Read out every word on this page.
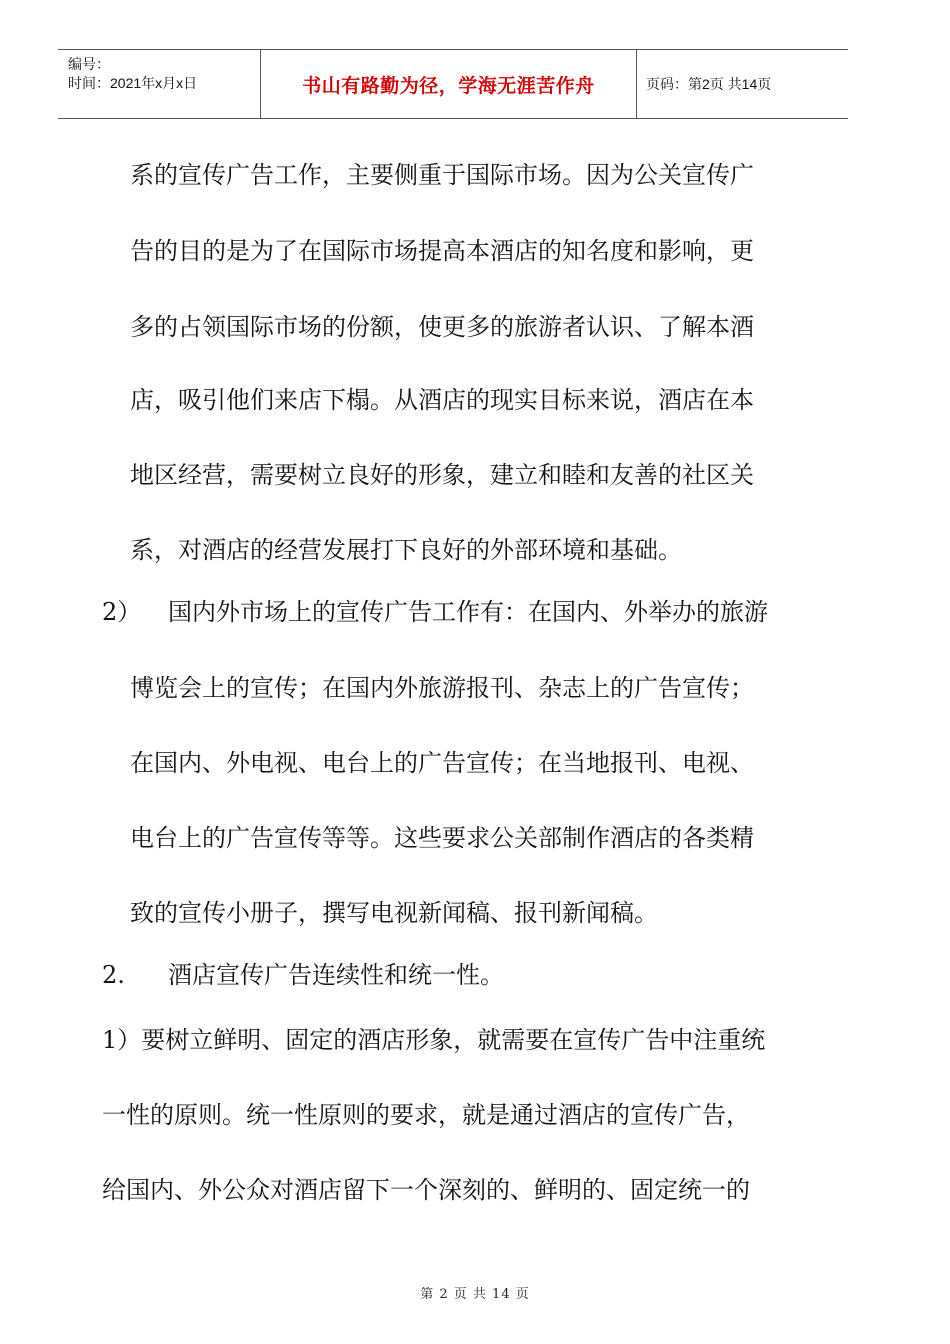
编号：
时间：2021年x月x日	书山有路勤为径，学海无涯苦作舟	页码：第2页 共14页
系的宣传广告工作，主要侧重于国际市场。因为公关宣传广
告的目的是为了在国际市场提高本酒店的知名度和影响，更
多的占领国际市场的份额，使更多的旅游者认识、了解本酒
店，吸引他们来店下榻。从酒店的现实目标来说，酒店在本
地区经营，需要树立良好的形象，建立和睦和友善的社区关
系，对酒店的经营发展打下良好的外部环境和基础。
2） 国内外市场上的宣传广告工作有：在国内、外举办的旅游
博览会上的宣传；在国内外旅游报刊、杂志上的广告宣传；
在国内、外电视、电台上的广告宣传；在当地报刊、电视、
电台上的广告宣传等等。这些要求公关部制作酒店的各类精
致的宣传小册子，撰写电视新闻稿、报刊新闻稿。
2. 酒店宣传广告连续性和统一性。
1）要树立鲜明、固定的酒店形象，就需要在宣传广告中注重统
一性的原则。统一性原则的要求，就是通过酒店的宣传广告，
给国内、外公众对酒店留下一个深刻的、鲜明的、固定统一的
第 2 页 共 14 页
